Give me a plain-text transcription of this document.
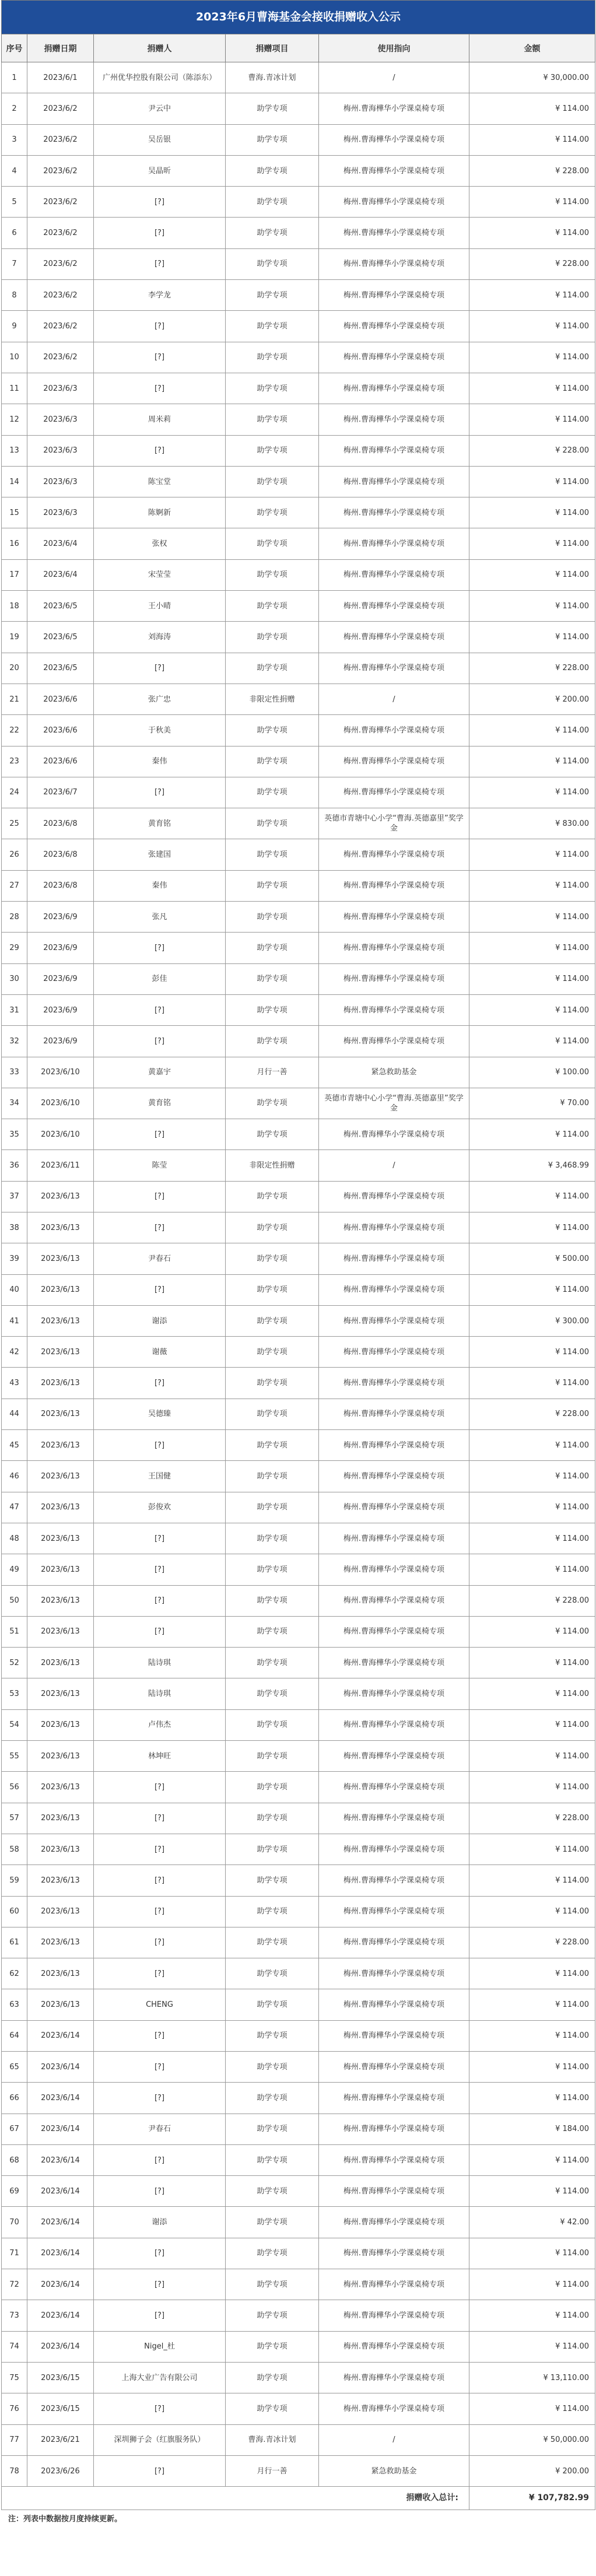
2023年6月曹海基金会接收捐赠收入公示					
序号	捐赠日期	捐赠人	捐赠项目	使用指向	金额
1	2023/6/1	广州优华控股有限公司（陈添东）	曹海.青冰计划	/	¥ 30,000.00
2	2023/6/2	尹云中	助学专项	梅州.曹海樺华小学课桌椅专项	¥ 114.00
3	2023/6/2	吴岳银	助学专项	梅州.曹海樺华小学课桌椅专项	¥ 114.00
4	2023/6/2	吴晶昕	助学专项	梅州.曹海樺华小学课桌椅专项	¥ 228.00
5	2023/6/2	[?]	助学专项	梅州.曹海樺华小学课桌椅专项	¥ 114.00
6	2023/6/2	[?]	助学专项	梅州.曹海樺华小学课桌椅专项	¥ 114.00
7	2023/6/2	[?]	助学专项	梅州.曹海樺华小学课桌椅专项	¥ 228.00
8	2023/6/2	李学龙	助学专项	梅州.曹海樺华小学课桌椅专项	¥ 114.00
9	2023/6/2	[?]	助学专项	梅州.曹海樺华小学课桌椅专项	¥ 114.00
10	2023/6/2	[?]	助学专项	梅州.曹海樺华小学课桌椅专项	¥ 114.00
11	2023/6/3	[?]	助学专项	梅州.曹海樺华小学课桌椅专项	¥ 114.00
12	2023/6/3	周米莉	助学专项	梅州.曹海樺华小学课桌椅专项	¥ 114.00
13	2023/6/3	[?]	助学专项	梅州.曹海樺华小学课桌椅专项	¥ 228.00
14	2023/6/3	陈宝堂	助学专项	梅州.曹海樺华小学课桌椅专项	¥ 114.00
15	2023/6/3	陈婀新	助学专项	梅州.曹海樺华小学课桌椅专项	¥ 114.00
16	2023/6/4	张权	助学专项	梅州.曹海樺华小学课桌椅专项	¥ 114.00
17	2023/6/4	宋莹莹	助学专项	梅州.曹海樺华小学课桌椅专项	¥ 114.00
18	2023/6/5	王小晴	助学专项	梅州.曹海樺华小学课桌椅专项	¥ 114.00
19	2023/6/5	刘海涛	助学专项	梅州.曹海樺华小学课桌椅专项	¥ 114.00
20	2023/6/5	[?]	助学专项	梅州.曹海樺华小学课桌椅专项	¥ 228.00
21	2023/6/6	张广忠	非限定性捐赠	/	¥ 200.00
22	2023/6/6	于秋美	助学专项	梅州.曹海樺华小学课桌椅专项	¥ 114.00
23	2023/6/6	秦伟	助学专项	梅州.曹海樺华小学课桌椅专项	¥ 114.00
24	2023/6/7	[?]	助学专项	梅州.曹海樺华小学课桌椅专项	¥ 114.00
25	2023/6/8	黄育铭	助学专项	英德市青塘中心小学“曹海.英德嘉里”奖学金	¥ 830.00
26	2023/6/8	张建国	助学专项	梅州.曹海樺华小学课桌椅专项	¥ 114.00
27	2023/6/8	秦伟	助学专项	梅州.曹海樺华小学课桌椅专项	¥ 114.00
28	2023/6/9	张凡	助学专项	梅州.曹海樺华小学课桌椅专项	¥ 114.00
29	2023/6/9	[?]	助学专项	梅州.曹海樺华小学课桌椅专项	¥ 114.00
30	2023/6/9	彭佳	助学专项	梅州.曹海樺华小学课桌椅专项	¥ 114.00
31	2023/6/9	[?]	助学专项	梅州.曹海樺华小学课桌椅专项	¥ 114.00
32	2023/6/9	[?]	助学专项	梅州.曹海樺华小学课桌椅专项	¥ 114.00
33	2023/6/10	黄嘉宇	月行一善	紧急救助基金	¥ 100.00
34	2023/6/10	黄育铭	助学专项	英德市青塘中心小学“曹海.英德嘉里”奖学金	¥ 70.00
35	2023/6/10	[?]	助学专项	梅州.曹海樺华小学课桌椅专项	¥ 114.00
36	2023/6/11	陈莹	非限定性捐赠	/	¥ 3,468.99
37	2023/6/13	[?]	助学专项	梅州.曹海樺华小学课桌椅专项	¥ 114.00
38	2023/6/13	[?]	助学专项	梅州.曹海樺华小学课桌椅专项	¥ 114.00
39	2023/6/13	尹春石	助学专项	梅州.曹海樺华小学课桌椅专项	¥ 500.00
40	2023/6/13	[?]	助学专项	梅州.曹海樺华小学课桌椅专项	¥ 114.00
41	2023/6/13	谢添	助学专项	梅州.曹海樺华小学课桌椅专项	¥ 300.00
42	2023/6/13	谢薇	助学专项	梅州.曹海樺华小学课桌椅专项	¥ 114.00
43	2023/6/13	[?]	助学专项	梅州.曹海樺华小学课桌椅专项	¥ 114.00
44	2023/6/13	吴德臻	助学专项	梅州.曹海樺华小学课桌椅专项	¥ 228.00
45	2023/6/13	[?]	助学专项	梅州.曹海樺华小学课桌椅专项	¥ 114.00
46	2023/6/13	王国健	助学专项	梅州.曹海樺华小学课桌椅专项	¥ 114.00
47	2023/6/13	彭俊欢	助学专项	梅州.曹海樺华小学课桌椅专项	¥ 114.00
48	2023/6/13	[?]	助学专项	梅州.曹海樺华小学课桌椅专项	¥ 114.00
49	2023/6/13	[?]	助学专项	梅州.曹海樺华小学课桌椅专项	¥ 114.00
50	2023/6/13	[?]	助学专项	梅州.曹海樺华小学课桌椅专项	¥ 228.00
51	2023/6/13	[?]	助学专项	梅州.曹海樺华小学课桌椅专项	¥ 114.00
52	2023/6/13	陆诗琪	助学专项	梅州.曹海樺华小学课桌椅专项	¥ 114.00
53	2023/6/13	陆诗琪	助学专项	梅州.曹海樺华小学课桌椅专项	¥ 114.00
54	2023/6/13	卢伟杰	助学专项	梅州.曹海樺华小学课桌椅专项	¥ 114.00
55	2023/6/13	林坤旺	助学专项	梅州.曹海樺华小学课桌椅专项	¥ 114.00
56	2023/6/13	[?]	助学专项	梅州.曹海樺华小学课桌椅专项	¥ 114.00
57	2023/6/13	[?]	助学专项	梅州.曹海樺华小学课桌椅专项	¥ 228.00
58	2023/6/13	[?]	助学专项	梅州.曹海樺华小学课桌椅专项	¥ 114.00
59	2023/6/13	[?]	助学专项	梅州.曹海樺华小学课桌椅专项	¥ 114.00
60	2023/6/13	[?]	助学专项	梅州.曹海樺华小学课桌椅专项	¥ 114.00
61	2023/6/13	[?]	助学专项	梅州.曹海樺华小学课桌椅专项	¥ 228.00
62	2023/6/13	[?]	助学专项	梅州.曹海樺华小学课桌椅专项	¥ 114.00
63	2023/6/13	CHENG	助学专项	梅州.曹海樺华小学课桌椅专项	¥ 114.00
64	2023/6/14	[?]	助学专项	梅州.曹海樺华小学课桌椅专项	¥ 114.00
65	2023/6/14	[?]	助学专项	梅州.曹海樺华小学课桌椅专项	¥ 114.00
66	2023/6/14	[?]	助学专项	梅州.曹海樺华小学课桌椅专项	¥ 114.00
67	2023/6/14	尹春石	助学专项	梅州.曹海樺华小学课桌椅专项	¥ 184.00
68	2023/6/14	[?]	助学专项	梅州.曹海樺华小学课桌椅专项	¥ 114.00
69	2023/6/14	[?]	助学专项	梅州.曹海樺华小学课桌椅专项	¥ 114.00
70	2023/6/14	谢添	助学专项	梅州.曹海樺华小学课桌椅专项	¥ 42.00
71	2023/6/14	[?]	助学专项	梅州.曹海樺华小学课桌椅专项	¥ 114.00
72	2023/6/14	[?]	助学专项	梅州.曹海樺华小学课桌椅专项	¥ 114.00
73	2023/6/14	[?]	助学专项	梅州.曹海樺华小学课桌椅专项	¥ 114.00
74	2023/6/14	Nigel_杜	助学专项	梅州.曹海樺华小学课桌椅专项	¥ 114.00
75	2023/6/15	上海大业广告有限公司	助学专项	梅州.曹海樺华小学课桌椅专项	¥ 13,110.00
76	2023/6/15	[?]	助学专项	梅州.曹海樺华小学课桌椅专项	¥ 114.00
77	2023/6/21	深圳狮子会（红旗服务队）	曹海.青冰计划	/	¥ 50,000.00
78	2023/6/26	[?]	月行一善	紧急救助基金	¥ 200.00
捐赠收入总计:					¥ 107,782.99
注：列表中数据按月度持续更新。
